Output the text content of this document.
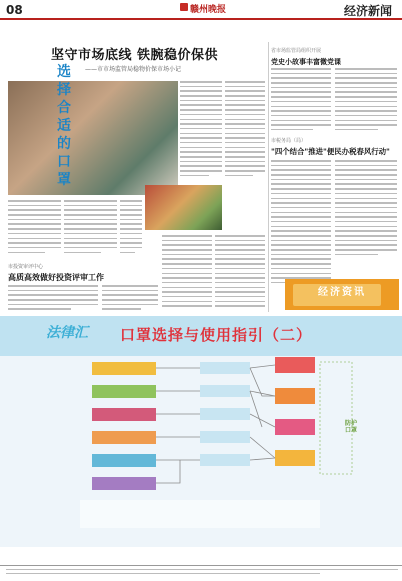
08	赣州晚报	经济新闻
坚守市场底线 铁腕稳价保供
——市市场监管局稳物价保市场小记
市投资审评中心
高质高效做好投资评审工作
省市场监管局组织开展
党史小故事丰富微党课
市税务局（局）
"四个结合"推进"便民办税春风行动"
经济资讯
法律汇 口罩选择与使用指引（二）
选择合适的口罩
防护口罩
